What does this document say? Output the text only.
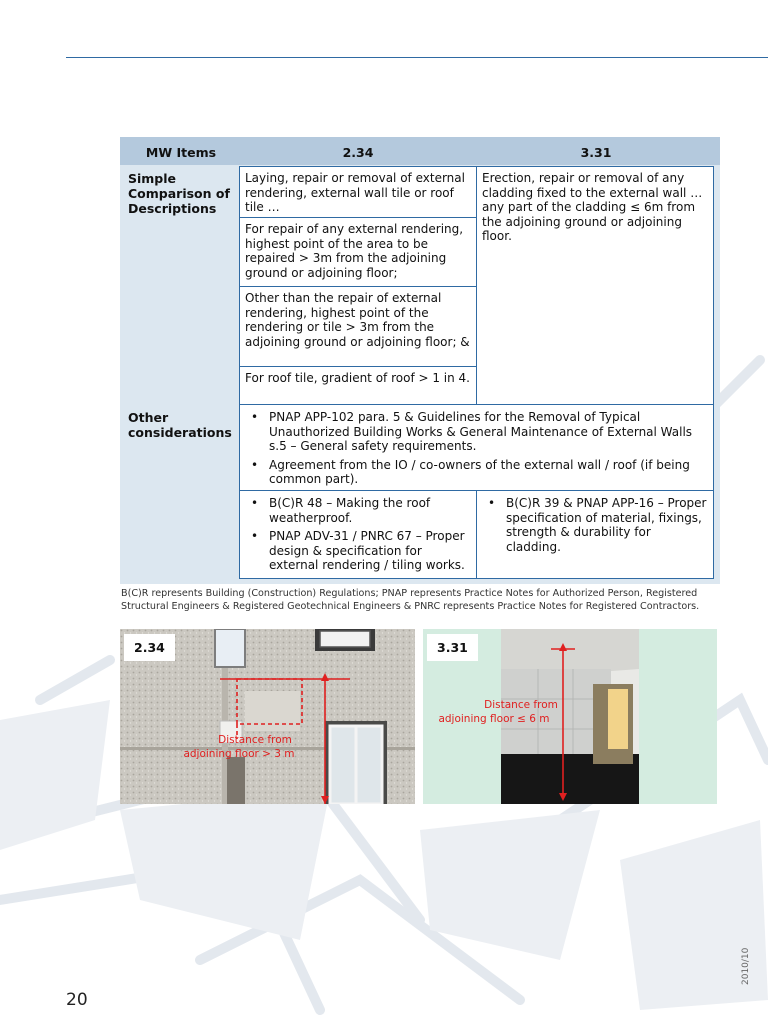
MW Items	2.34	3.31
Simple Comparison of Descriptions
Laying, repair or removal of external rendering, external wall tile or roof tile …
For repair of any external rendering, highest point of the area to be repaired > 3m from the adjoining ground or adjoining floor;
Other than the repair of external rendering, highest point of the rendering or tile > 3m from the adjoining ground or adjoining floor; &
For roof tile, gradient of roof > 1 in 4.
Erection, repair or removal of any cladding fixed to the external wall … any part of the cladding ≤ 6m from the adjoining ground or adjoining floor.
Other considerations
• PNAP APP-102 para. 5 & Guidelines for the Removal of Typical Unauthorized Building Works & General Maintenance of External Walls s.5 – General safety requirements.
• Agreement from the IO / co-owners of the external wall / roof (if being common part).
• B(C)R 48 – Making the roof weatherproof.
• PNAP ADV-31 / PNRC 67 – Proper design & specification for external rendering / tiling works.
• B(C)R 39 & PNAP APP-16 – Proper specification of material, fixings, strength & durability for cladding.
B(C)R represents Building (Construction) Regulations; PNAP represents Practice Notes for Authorized Person, Registered Structural Engineers & Registered Geotechnical Engineers & PNRC represents Practice Notes for Registered Contractors.
Distance from
adjoining floor > 3 m
2.34
Distance from
adjoining floor ≤ 6 m
3.31
20
2010/10
